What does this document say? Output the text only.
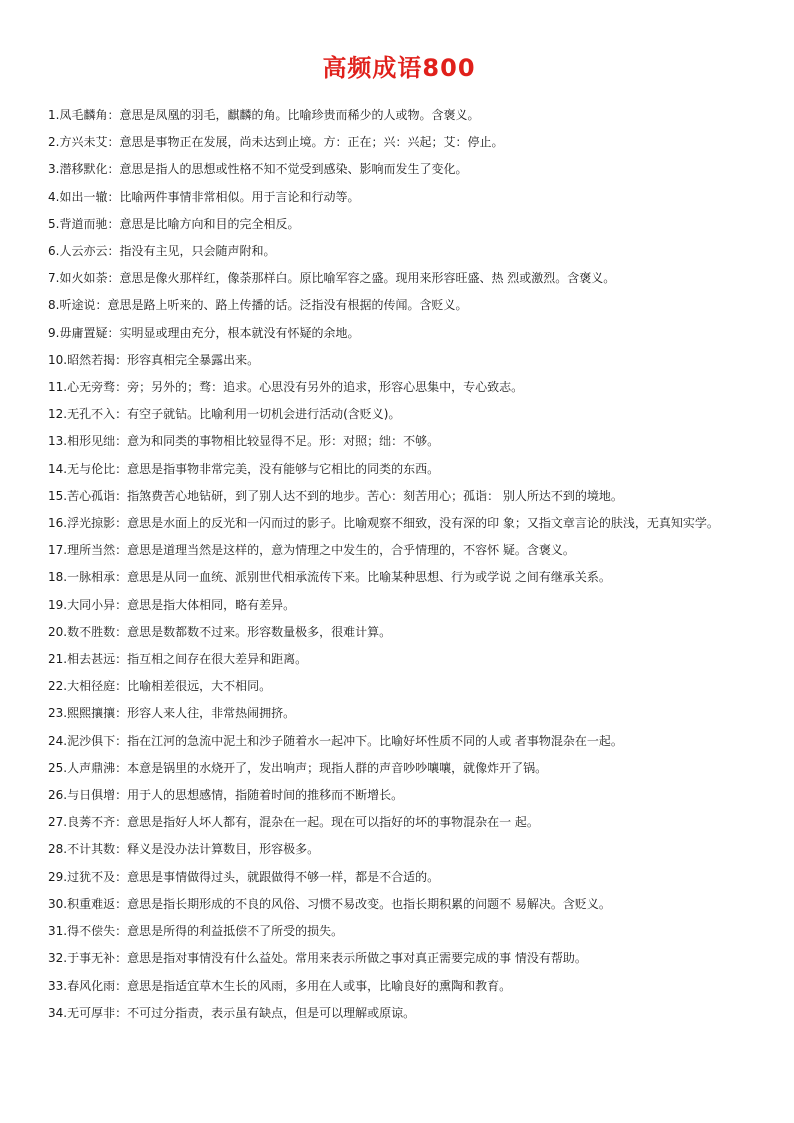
高频成语800
1.凤毛麟角：意思是凤凰的羽毛，麒麟的角。比喻珍贵而稀少的人或物。含褒义。
2.方兴未艾：意思是事物正在发展，尚未达到止境。方：正在；兴：兴起；艾：停止。
3.潜移默化：意思是指人的思想或性格不知不觉受到感染、影响而发生了变化。
4.如出一辙：比喻两件事情非常相似。用于言论和行动等。
5.背道而驰：意思是比喻方向和目的完全相反。
6.人云亦云：指没有主见，只会随声附和。
7.如火如荼：意思是像火那样红，像荼那样白。原比喻军容之盛。现用来形容旺盛、热 烈或激烈。含褒义。
8.听途说：意思是路上听来的、路上传播的话。泛指没有根据的传闻。含贬义。
9.毋庸置疑：实明显或理由充分，根本就没有怀疑的余地。
10.昭然若揭：形容真相完全暴露出来。
11.心无旁骛：旁；另外的；骛：追求。心思没有另外的追求，形容心思集中，专心致志。
12.无孔不入：有空子就钻。比喻利用一切机会进行活动(含贬义)。
13.相形见绌：意为和同类的事物相比较显得不足。形：对照；绌：不够。
14.无与伦比：意思是指事物非常完美，没有能够与它相比的同类的东西。
15.苦心孤诣：指煞费苦心地钻研，到了别人达不到的地步。苦心：刻苦用心；孤诣： 别人所达不到的境地。
16.浮光掠影：意思是水面上的反光和一闪而过的影子。比喻观察不细致，没有深的印 象；又指文章言论的肤浅，无真知实学。
17.理所当然：意思是道理当然是这样的，意为情理之中发生的，合乎情理的，不容怀 疑。含褒义。
18.一脉相承：意思是从同一血统、派别世代相承流传下来。比喻某种思想、行为或学说 之间有继承关系。
19.大同小异：意思是指大体相同，略有差异。
20.数不胜数：意思是数都数不过来。形容数量极多，很难计算。
21.相去甚远：指互相之间存在很大差异和距离。
22.大相径庭：比喻相差很远，大不相同。
23.熙熙攘攘：形容人来人往，非常热闹拥挤。
24.泥沙俱下：指在江河的急流中泥土和沙子随着水一起冲下。比喻好坏性质不同的人或 者事物混杂在一起。
25.人声鼎沸：本意是锅里的水烧开了，发出响声；现指人群的声音吵吵嚷嚷，就像炸开了锅。
26.与日俱增：用于人的思想感情，指随着时间的推移而不断增长。
27.良莠不齐：意思是指好人坏人都有，混杂在一起。现在可以指好的坏的事物混杂在一 起。
28.不计其数：释义是没办法计算数目，形容极多。
29.过犹不及：意思是事情做得过头，就跟做得不够一样，都是不合适的。
30.积重难返：意思是指长期形成的不良的风俗、习惯不易改变。也指长期积累的问题不 易解决。含贬义。
31.得不偿失：意思是所得的利益抵偿不了所受的损失。
32.于事无补：意思是指对事情没有什么益处。常用来表示所做之事对真正需要完成的事 情没有帮助。
33.春风化雨：意思是指适宜草木生长的风雨，多用在人或事，比喻良好的熏陶和教育。
34.无可厚非：不可过分指责，表示虽有缺点，但是可以理解或原谅。
